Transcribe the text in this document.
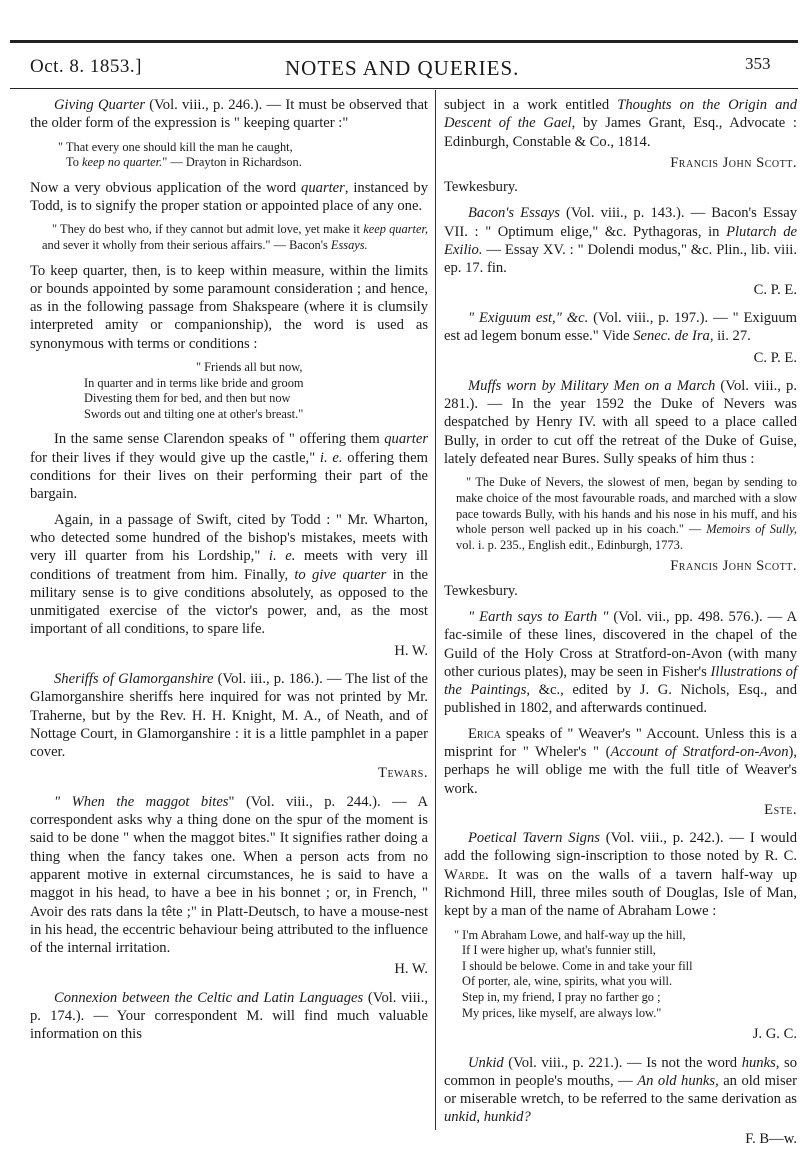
Oct. 8. 1853.]	NOTES AND QUERIES.	353

Giving Quarter (Vol. viii., p. 246.). — It must be observed that the older form of the expression is " keeping quarter :"

" That every one should kill the man he caught,
To keep no quarter." — Drayton in Richardson.

Now a very obvious application of the word quarter, instanced by Todd, is to signify the proper station or appointed place of any one.

" They do best who, if they cannot but admit love, yet make it keep quarter, and sever it wholly from their serious affairs." — Bacon's Essays.

To keep quarter, then, is to keep within measure, within the limits or bounds appointed by some paramount consideration ; and hence, as in the following passage from Shakspeare (where it is clumsily interpreted amity or companionship), the word is used as synonymous with terms or conditions :

" Friends all but now,
In quarter and in terms like bride and groom
Divesting them for bed, and then but now
Swords out and tilting one at other's breast."

In the same sense Clarendon speaks of " offering them quarter for their lives if they would give up the castle," i. e. offering them conditions for their lives on their performing their part of the bargain.

Again, in a passage of Swift, cited by Todd : " Mr. Wharton, who detected some hundred of the bishop's mistakes, meets with very ill quarter from his Lordship," i. e. meets with very ill conditions of treatment from him. Finally, to give quarter in the military sense is to give conditions absolutely, as opposed to the unmitigated exercise of the victor's power, and, as the most important of all conditions, to spare life.

H. W.

Sheriffs of Glamorganshire (Vol. iii., p. 186.). — The list of the Glamorganshire sheriffs here inquired for was not printed by Mr. Traherne, but by the Rev. H. H. Knight, M. A., of Neath, and of Nottage Court, in Glamorganshire : it is a little pamphlet in a paper cover.

Tewars.

" When the maggot bites" (Vol. viii., p. 244.). — A correspondent asks why a thing done on the spur of the moment is said to be done " when the maggot bites." It signifies rather doing a thing when the fancy takes one. When a person acts from no apparent motive in external circumstances, he is said to have a maggot in his head, to have a bee in his bonnet ; or, in French, " Avoir des rats dans la tête ;" in Platt-Deutsch, to have a mouse-nest in his head, the eccentric behaviour being attributed to the influence of the internal irritation.

H. W.

Connexion between the Celtic and Latin Languages (Vol. viii., p. 174.). — Your correspondent M. will find much valuable information on this

subject in a work entitled Thoughts on the Origin and Descent of the Gael, by James Grant, Esq., Advocate : Edinburgh, Constable & Co., 1814.

Francis John Scott.
Tewkesbury.

Bacon's Essays (Vol. viii., p. 143.). — Bacon's Essay VII. : " Optimum elige," &c. Pythagoras, in Plutarch de Exilio. — Essay XV. : " Dolendi modus," &c. Plin., lib. viii. ep. 17. fin.

C. P. E.

" Exiguum est," &c. (Vol. viii., p. 197.). — " Exiguum est ad legem bonum esse." Vide Senec. de Ira, ii. 27.

C. P. E.

Muffs worn by Military Men on a March (Vol. viii., p. 281.). — In the year 1592 the Duke of Nevers was despatched by Henry IV. with all speed to a place called Bully, in order to cut off the retreat of the Duke of Guise, lately defeated near Bures. Sully speaks of him thus :

" The Duke of Nevers, the slowest of men, began by sending to make choice of the most favourable roads, and marched with a slow pace towards Bully, with his hands and his nose in his muff, and his whole person well packed up in his coach." — Memoirs of Sully, vol. i. p. 235., English edit., Edinburgh, 1773.

Francis John Scott.
Tewkesbury.

" Earth says to Earth " (Vol. vii., pp. 498. 576.). — A fac-simile of these lines, discovered in the chapel of the Guild of the Holy Cross at Stratford-on-Avon (with many other curious plates), may be seen in Fisher's Illustrations of the Paintings, &c., edited by J. G. Nichols, Esq., and published in 1802, and afterwards continued.

Erica speaks of " Weaver's " Account. Unless this is a misprint for " Wheler's " (Account of Stratford-on-Avon), perhaps he will oblige me with the full title of Weaver's work.

Este.

Poetical Tavern Signs (Vol. viii., p. 242.). — I would add the following sign-inscription to those noted by R. C. Warde. It was on the walls of a tavern half-way up Richmond Hill, three miles south of Douglas, Isle of Man, kept by a man of the name of Abraham Lowe :

" I'm Abraham Lowe, and half-way up the hill,
If I were higher up, what's funnier still,
I should be belowe. Come in and take your fill
Of porter, ale, wine, spirits, what you will.
Step in, my friend, I pray no farther go ;
My prices, like myself, are always low."
J. G. C.

Unkid (Vol. viii., p. 221.). — Is not the word hunks, so common in people's mouths, — An old hunks, an old miser or miserable wretch, to be referred to the same derivation as unkid, hunkid?

F. B—w.
